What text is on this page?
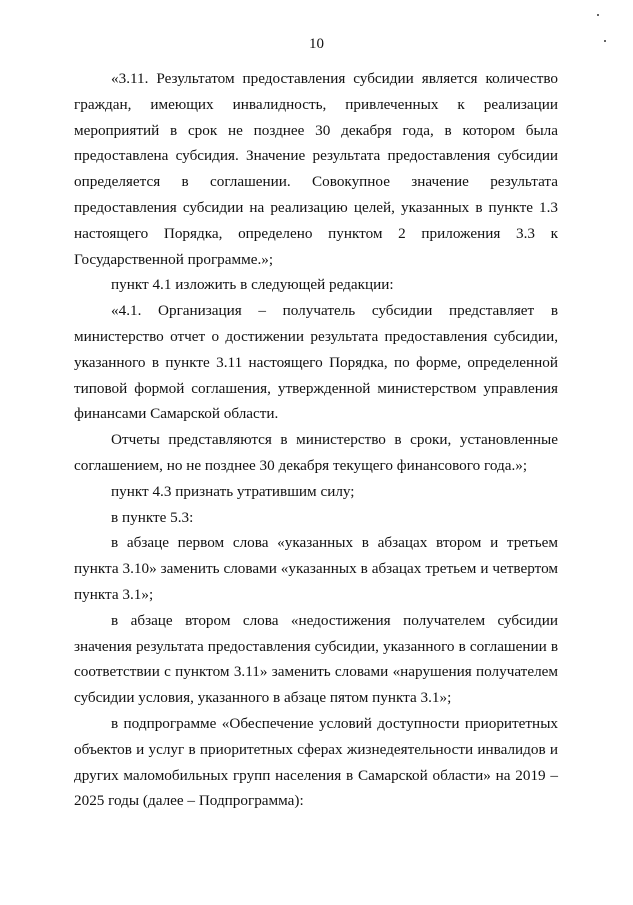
10

«3.11. Результатом предоставления субсидии является количество граждан, имеющих инвалидность, привлеченных к реализации мероприятий в срок не позднее 30 декабря года, в котором была предоставлена субсидия. Значение результата предоставления субсидии определяется в соглашении. Совокупное значение результата предоставления субсидии на реализацию целей, указанных в пункте 1.3 настоящего Порядка, определено пунктом 2 приложения 3.3 к Государственной программе.»;

пункт 4.1 изложить в следующей редакции:

«4.1. Организация – получатель субсидии представляет в министерство отчет о достижении результата предоставления субсидии, указанного в пункте 3.11 настоящего Порядка, по форме, определенной типовой формой соглашения, утвержденной министерством управления финансами Самарской области.

Отчеты представляются в министерство в сроки, установленные соглашением, но не позднее 30 декабря текущего финансового года.»;

пункт 4.3 признать утратившим силу;

в пункте 5.3:

в абзаце первом слова «указанных в абзацах втором и третьем пункта 3.10» заменить словами «указанных в абзацах третьем и четвертом пункта 3.1»;

в абзаце втором слова «недостижения получателем субсидии значения результата предоставления субсидии, указанного в соглашении в соответствии с пунктом 3.11» заменить словами «нарушения получателем субсидии условия, указанного в абзаце пятом пункта 3.1»;

в подпрограмме «Обеспечение условий доступности приоритетных объектов и услуг в приоритетных сферах жизнедеятельности инвалидов и других маломобильных групп населения в Самарской области» на 2019 – 2025 годы (далее – Подпрограмма):
